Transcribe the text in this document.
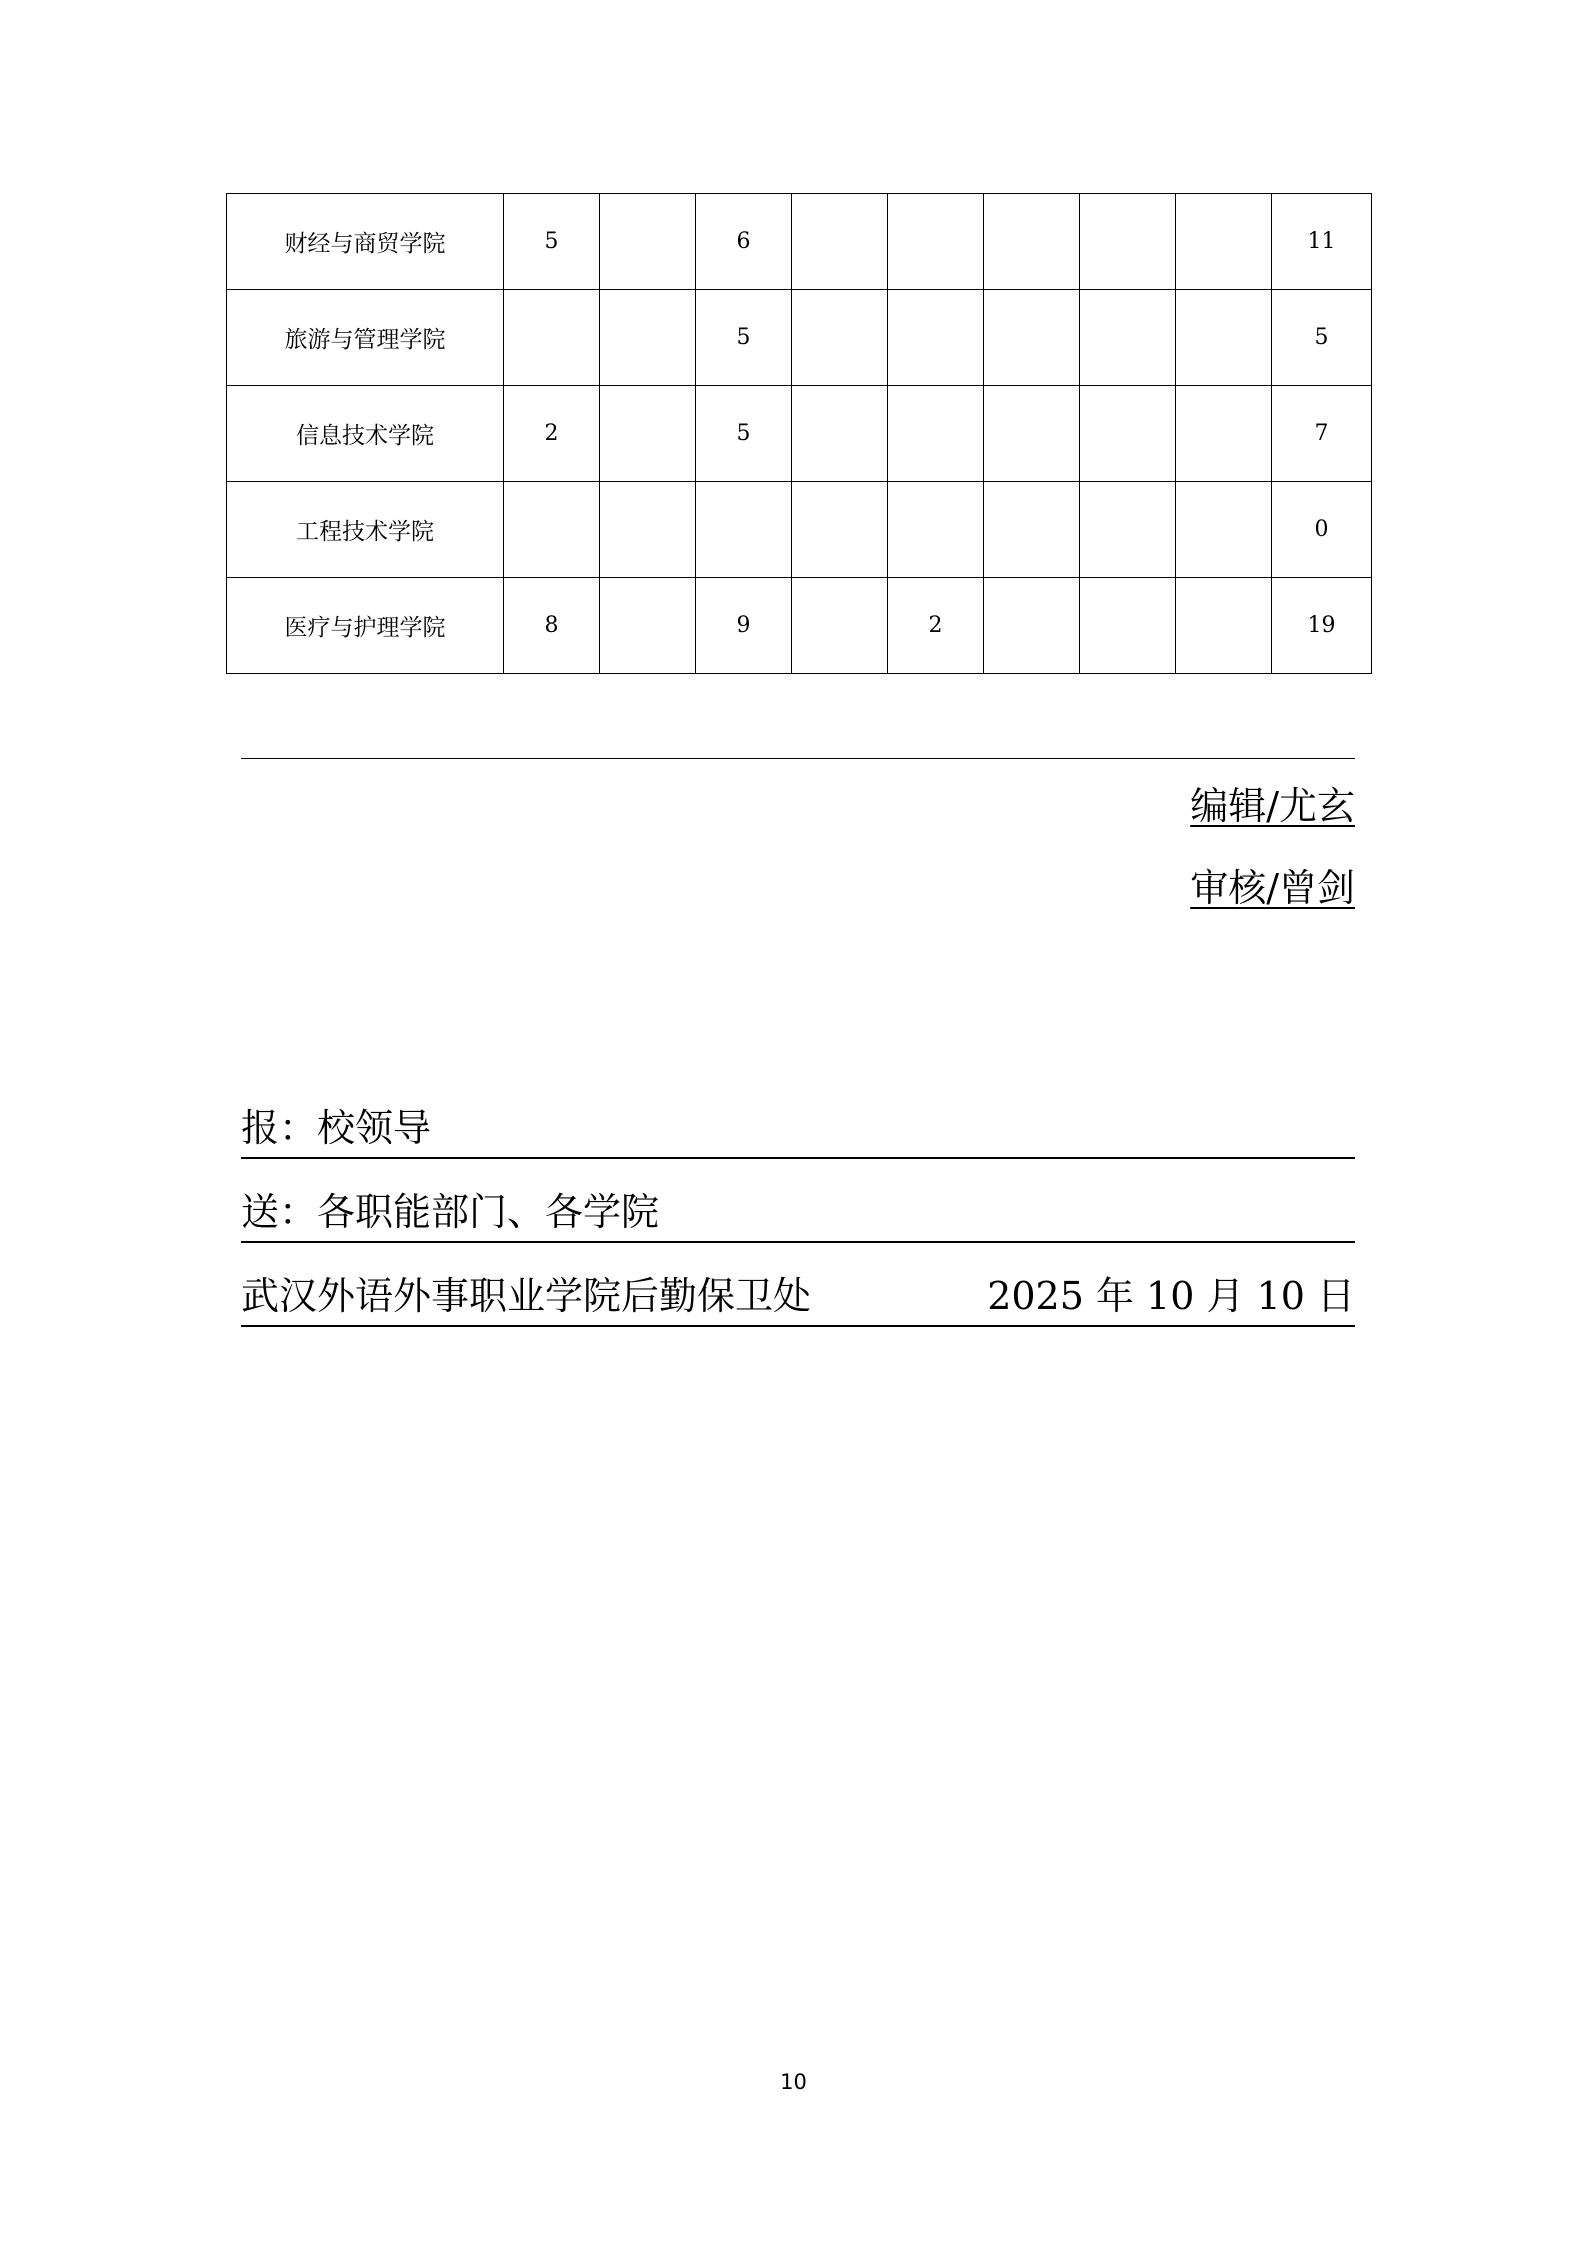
财经与商贸学院	5		6						11
旅游与管理学院			5						5
信息技术学院	2		5						7
工程技术学院									0
医疗与护理学院	8		9		2				19
编辑/尤玄
审核/曾剑
报：校领导
送：各职能部门、各学院
武汉外语外事职业学院后勤保卫处	2025 年 10 月 10 日
10
